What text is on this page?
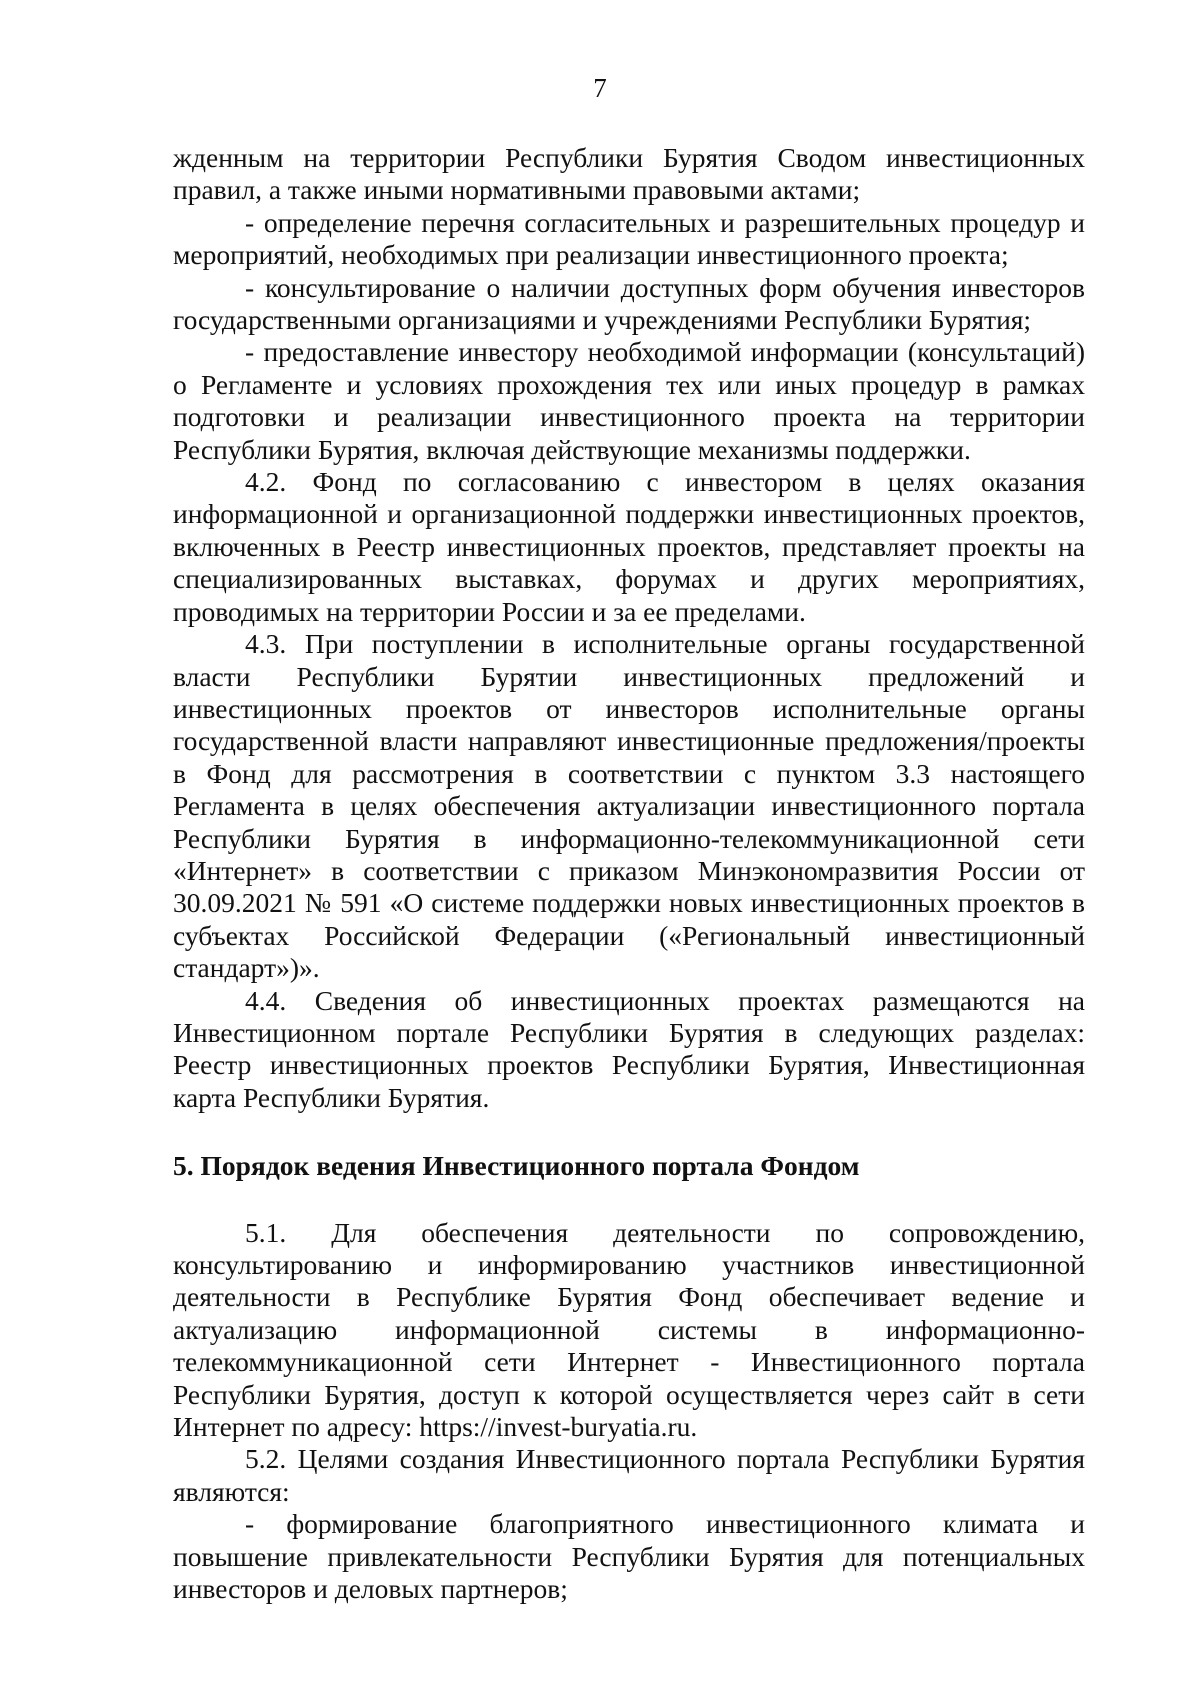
7

жденным на территории Республики Бурятия Сводом инвестиционных правил, а также иными нормативными правовыми актами;

- определение перечня согласительных и разрешительных процедур и мероприятий, необходимых при реализации инвестиционного проекта;

- консультирование о наличии доступных форм обучения инвесторов государственными организациями и учреждениями Республики Бурятия;

- предоставление инвестору необходимой информации (консультаций) о Регламенте и условиях прохождения тех или иных процедур в рамках подготовки и реализации инвестиционного проекта на территории Республики Бурятия, включая действующие механизмы поддержки.

4.2. Фонд по согласованию с инвестором в целях оказания информационной и организационной поддержки инвестиционных проектов, включенных в Реестр инвестиционных проектов, представляет проекты на специализированных выставках, форумах и других мероприятиях, проводимых на территории России и за ее пределами.

4.3. При поступлении в исполнительные органы государственной власти Республики Бурятии инвестиционных предложений и инвестиционных проектов от инвесторов исполнительные органы государственной власти направляют инвестиционные предложения/проекты в Фонд для рассмотрения в соответствии с пунктом 3.3 настоящего Регламента в целях обеспечения актуализации инвестиционного портала Республики Бурятия в информационно-телекоммуникационной сети «Интернет» в соответствии с приказом Минэкономразвития России от 30.09.2021 № 591 «О системе поддержки новых инвестиционных проектов в субъектах Российской Федерации («Региональный инвестиционный стандарт»)».

4.4. Сведения об инвестиционных проектах размещаются на Инвестиционном портале Республики Бурятия в следующих разделах: Реестр инвестиционных проектов Республики Бурятия, Инвестиционная карта Республики Бурятия.

5. Порядок ведения Инвестиционного портала Фондом

5.1. Для обеспечения деятельности по сопровождению, консультированию и информированию участников инвестиционной деятельности в Республике Бурятия Фонд обеспечивает ведение и актуализацию информационной системы в информационно-телекоммуникационной сети Интернет - Инвестиционного портала Республики Бурятия, доступ к которой осуществляется через сайт в сети Интернет по адресу: https://invest-buryatia.ru.

5.2. Целями создания Инвестиционного портала Республики Бурятия являются:

- формирование благоприятного инвестиционного климата и повышение привлекательности Республики Бурятия для потенциальных инвесторов и деловых партнеров;
